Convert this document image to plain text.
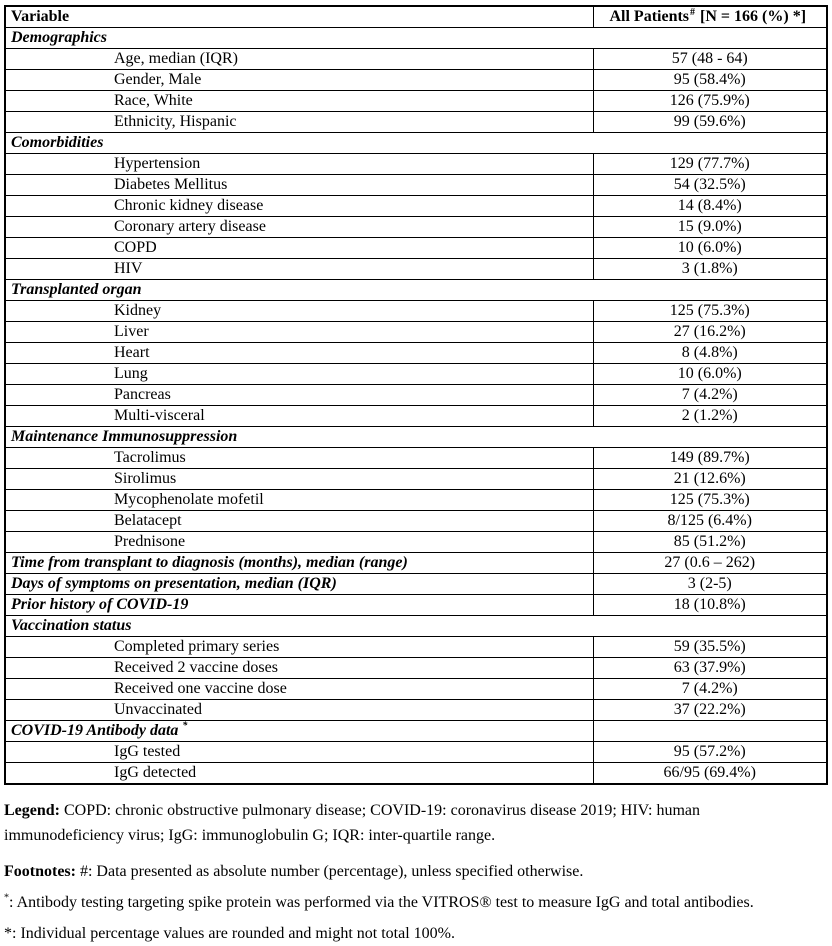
Variable	All Patients# [N = 166 (%) *]
Demographics	
Age, median (IQR)	57 (48 - 64)
Gender, Male	95 (58.4%)
Race, White	126 (75.9%)
Ethnicity, Hispanic	99 (59.6%)
Comorbidities	
Hypertension	129 (77.7%)
Diabetes Mellitus	54 (32.5%)
Chronic kidney disease	14 (8.4%)
Coronary artery disease	15 (9.0%)
COPD	10 (6.0%)
HIV	3 (1.8%)
Transplanted organ	
Kidney	125 (75.3%)
Liver	27 (16.2%)
Heart	8 (4.8%)
Lung	10 (6.0%)
Pancreas	7 (4.2%)
Multi-visceral	2 (1.2%)
Maintenance Immunosuppression	
Tacrolimus	149 (89.7%)
Sirolimus	21 (12.6%)
Mycophenolate mofetil	125 (75.3%)
Belatacept	8/125 (6.4%)
Prednisone	85 (51.2%)
Time from transplant to diagnosis (months), median (range)	27 (0.6 – 262)
Days of symptoms on presentation, median (IQR)	3 (2-5)
Prior history of COVID-19	18 (10.8%)
Vaccination status	
Completed primary series	59 (35.5%)
Received 2 vaccine doses	63 (37.9%)
Received one vaccine dose	7 (4.2%)
Unvaccinated	37 (22.2%)
COVID-19 Antibody data *	
IgG tested	95 (57.2%)
IgG detected	66/95 (69.4%)

Legend: COPD: chronic obstructive pulmonary disease; COVID-19: coronavirus disease 2019; HIV: human immunodeficiency virus; IgG: immunoglobulin G; IQR: inter-quartile range.

Footnotes: #: Data presented as absolute number (percentage), unless specified otherwise.

*: Antibody testing targeting spike protein was performed via the VITROS® test to measure IgG and total antibodies.

*: Individual percentage values are rounded and might not total 100%.
